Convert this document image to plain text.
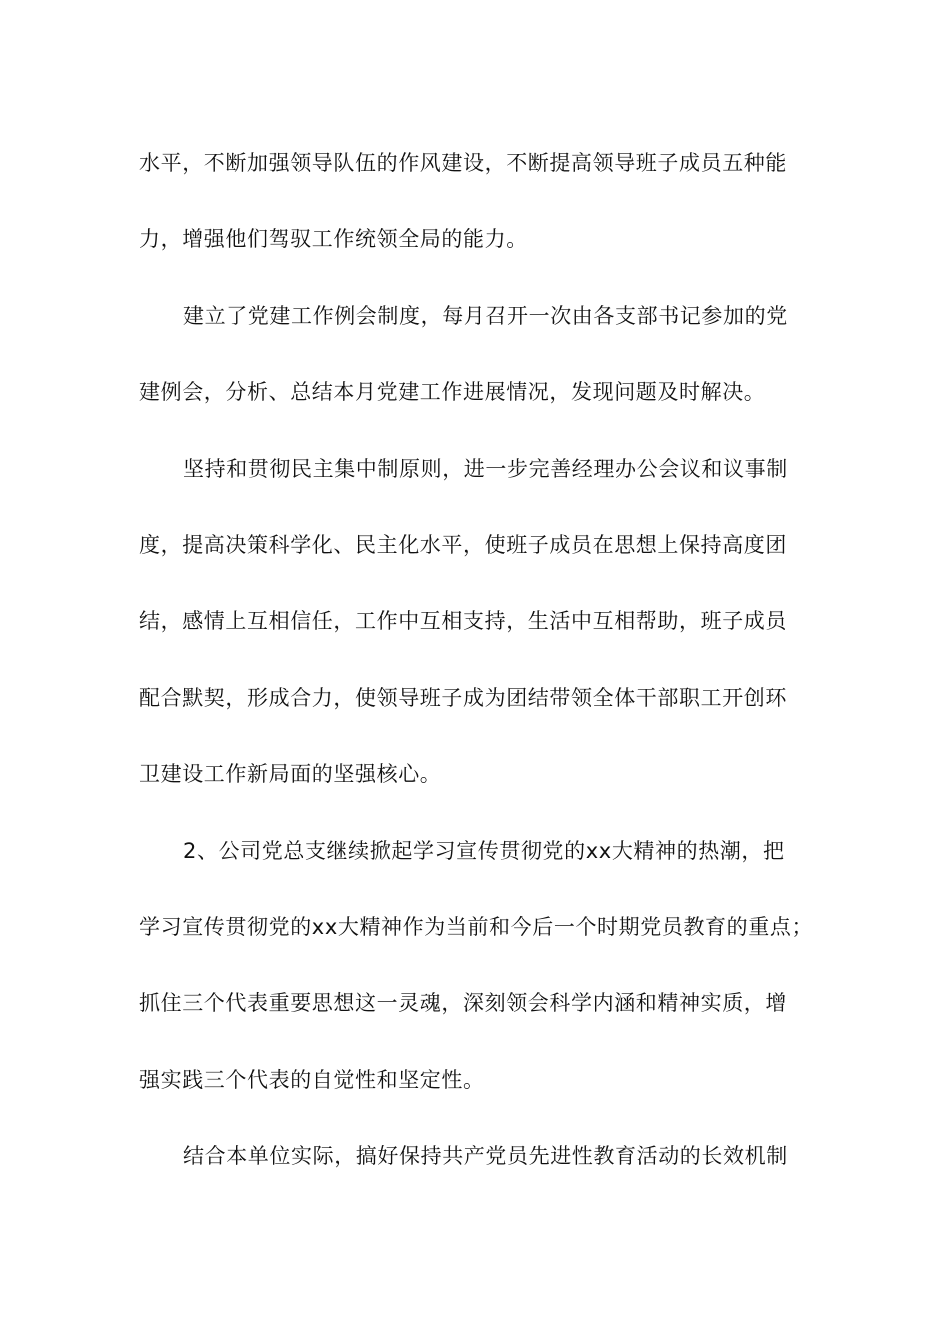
水平，不断加强领导队伍的作风建设，不断提高领导班子成员五种能
力，增强他们驾驭工作统领全局的能力。
建立了党建工作例会制度，每月召开一次由各支部书记参加的党
建例会，分析、总结本月党建工作进展情况，发现问题及时解决。
坚持和贯彻民主集中制原则，进一步完善经理办公会议和议事制
度，提高决策科学化、民主化水平，使班子成员在思想上保持高度团
结，感情上互相信任，工作中互相支持，生活中互相帮助，班子成员
配合默契，形成合力，使领导班子成为团结带领全体干部职工开创环
卫建设工作新局面的坚强核心。
2、公司党总支继续掀起学习宣传贯彻党的xx大精神的热潮，把
学习宣传贯彻党的xx大精神作为当前和今后一个时期党员教育的重点；
抓住三个代表重要思想这一灵魂，深刻领会科学内涵和精神实质，增
强实践三个代表的自觉性和坚定性。
结合本单位实际，搞好保持共产党员先进性教育活动的长效机制
